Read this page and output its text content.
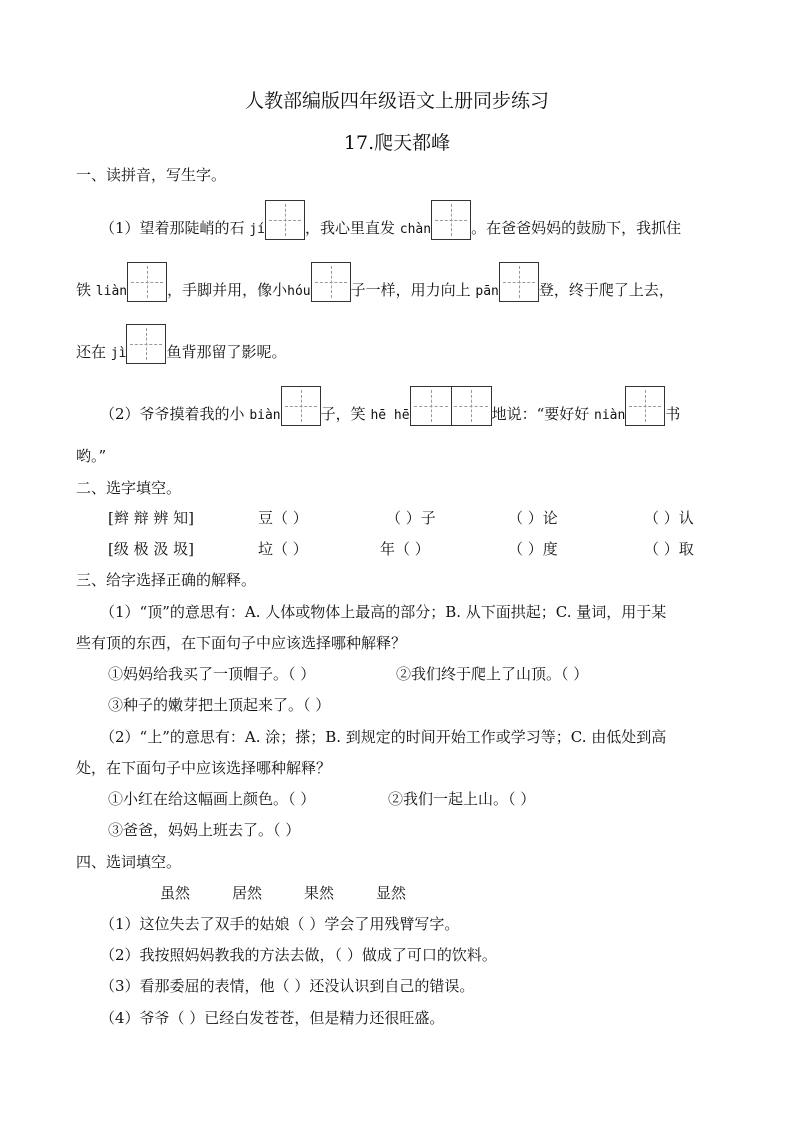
人教部编版四年级语文上册同步练习
17.爬天都峰
一、读拼音，写生字。
（1）望着那陡峭的石 jí	，我心里直发 chàn	。在爸爸妈妈的鼓励下，我抓住
铁 liàn	，手脚并用，像小hóu	子一样，用力向上 pān	登，终于爬了上去，
还在 jì	鱼背那留了影呢。
（2）爷爷摸着我的小 biàn	子，笑 hē hē	地说：“要好好 niàn	书
哟。”
二、选字填空。
[辫 辩 辨 知]	豆（ ）	（ ）子	（ ）论	（ ）认
[级 极 汲 圾]	垃（ ）	年（ ）	（ ）度	（ ）取
三、给字选择正确的解释。
（1）“顶”的意思有：A. 人体或物体上最高的部分；B. 从下面拱起；C. 量词，用于某
些有顶的东西，在下面句子中应该选择哪种解释？
①妈妈给我买了一顶帽子。（ ）	②我们终于爬上了山顶。（ ）
③种子的嫩芽把土顶起来了。（ ）
（2）“上”的意思有：A. 涂；搽；B. 到规定的时间开始工作或学习等；C. 由低处到高
处，在下面句子中应该选择哪种解释？
①小红在给这幅画上颜色。（ ）	②我们一起上山。（ ）
③爸爸，妈妈上班去了。（ ）
四、选词填空。
虽然	居然	果然	显然
（1）这位失去了双手的姑娘（ ）学会了用残臂写字。
（2）我按照妈妈教我的方法去做，（ ）做成了可口的饮料。
（3）看那委屈的表情，他（ ）还没认识到自己的错误。
（4）爷爷（ ）已经白发苍苍，但是精力还很旺盛。
